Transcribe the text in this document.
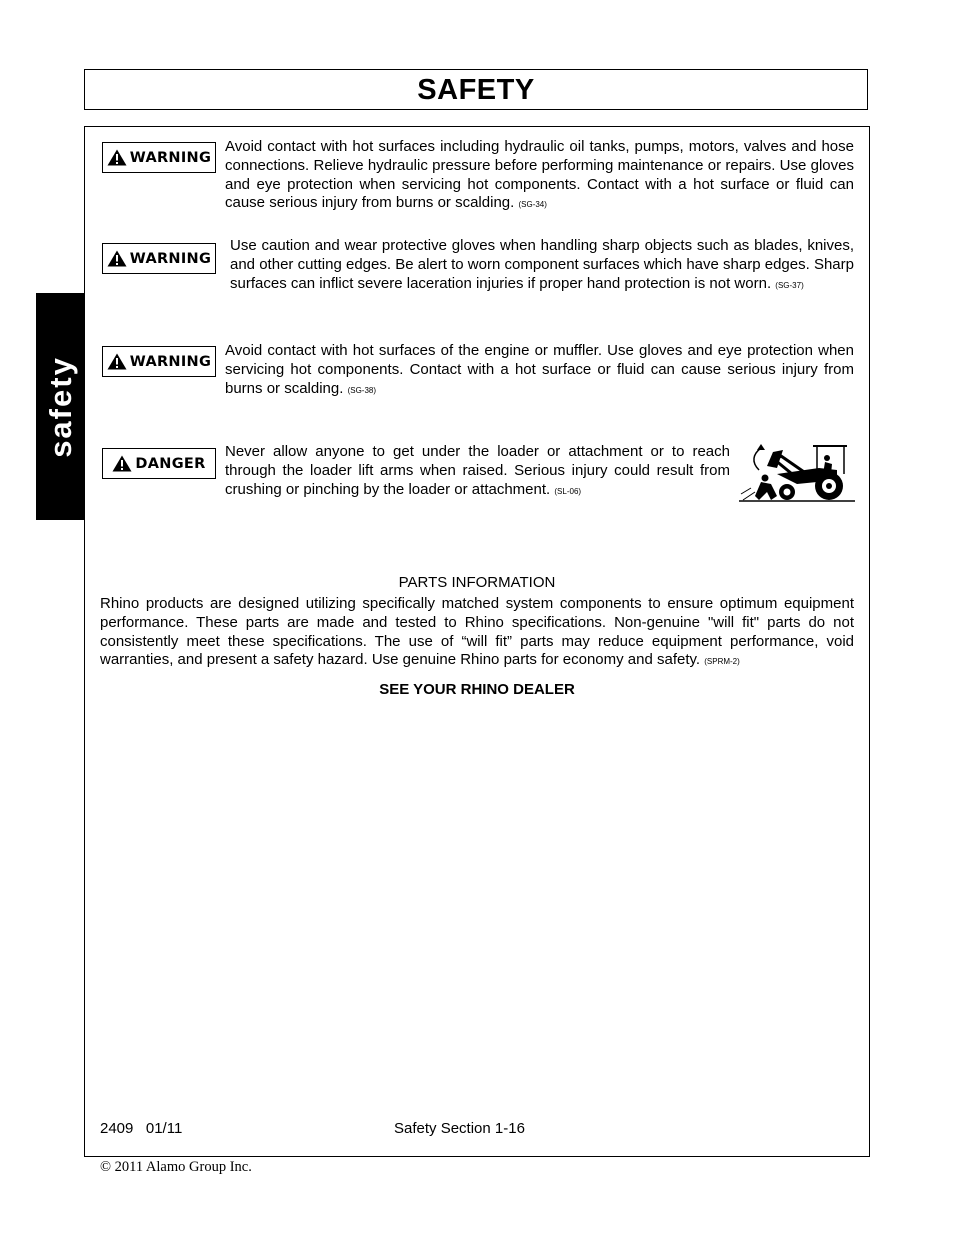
SAFETY
safety
WARNING
Avoid contact with hot surfaces including hydraulic oil tanks, pumps, motors, valves and hose connections. Relieve hydraulic pressure before performing maintenance or repairs. Use gloves and eye protection when servicing hot components. Contact with a hot surface or fluid can cause serious injury from burns or scalding. (SG-34)
WARNING
Use caution and wear protective gloves when handling sharp objects such as blades, knives, and other cutting edges. Be alert to worn component surfaces which have sharp edges. Sharp surfaces can inflict severe laceration injuries if proper hand protection is not worn. (SG-37)
WARNING
Avoid contact with hot surfaces of the engine or muffler. Use gloves and eye protection when servicing hot components. Contact with a hot surface or fluid can cause serious injury from burns or scalding. (SG-38)
DANGER
Never allow anyone to get under the loader or attachment or to reach through the loader lift arms when raised. Serious injury could result from crushing or pinching by the loader or attachment. (SL-06)
PARTS INFORMATION
Rhino products are designed utilizing specifically matched system components to ensure optimum equipment performance. These parts are made and tested to Rhino specifications. Non-genuine "will fit" parts do not consistently meet these specifications. The use of “will fit” parts may reduce equipment performance, void warranties, and present a safety hazard. Use genuine Rhino parts for economy and safety. (SPRM-2)
SEE YOUR RHINO DEALER
2409   01/11	Safety Section 1-16
© 2011 Alamo Group Inc.
